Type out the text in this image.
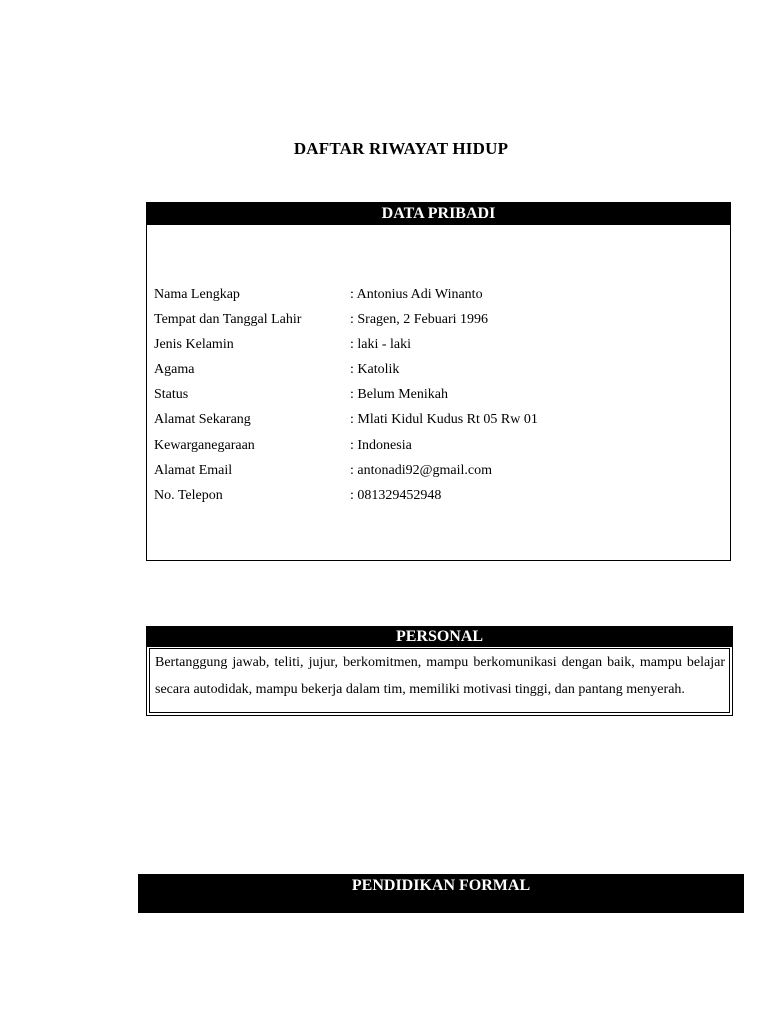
DAFTAR RIWAYAT HIDUP
DATA PRIBADI
Nama Lengkap	: Antonius Adi Winanto
Tempat dan Tanggal Lahir	: Sragen, 2 Febuari 1996
Jenis Kelamin	: laki - laki
Agama	: Katolik
Status	: Belum Menikah
Alamat Sekarang	: Mlati Kidul Kudus Rt 05 Rw 01
Kewarganegaraan	: Indonesia
Alamat Email	: antonadi92@gmail.com
No. Telepon	: 081329452948
PERSONAL

Bertanggung jawab, teliti, jujur, berkomitmen, mampu berkomunikasi dengan baik, mampu belajar secara autodidak, mampu bekerja dalam tim, memiliki motivasi tinggi, dan pantang menyerah.

PENDIDIKAN FORMAL
